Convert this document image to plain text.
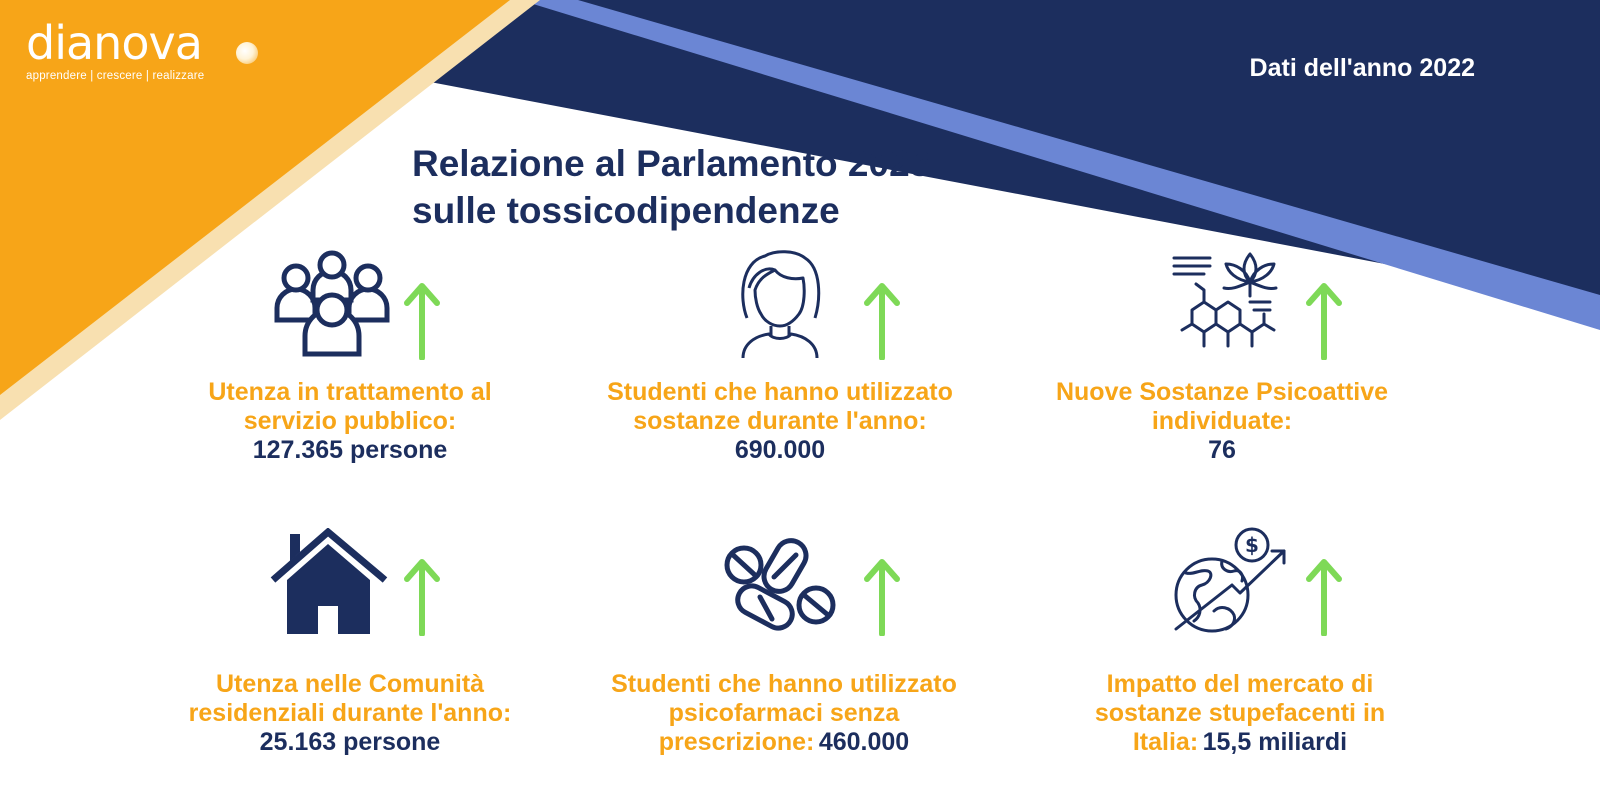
dianova
apprendere | crescere | realizzare	Dati dell'anno 2022
Relazione al Parlamento 2023
sulle tossicodipendenze
Utenza in trattamento al
servizio pubblico:
127.365 persone
Studenti che hanno utilizzato
sostanze durante l'anno:
690.000
Nuove Sostanze Psicoattive
individuate:
76
Utenza nelle Comunità
residenziali durante l'anno:
25.163 persone
Studenti che hanno utilizzato
psicofarmaci senza
prescrizione: 460.000
$
Impatto del mercato di
sostanze stupefacenti in
Italia: 15,5 miliardi
